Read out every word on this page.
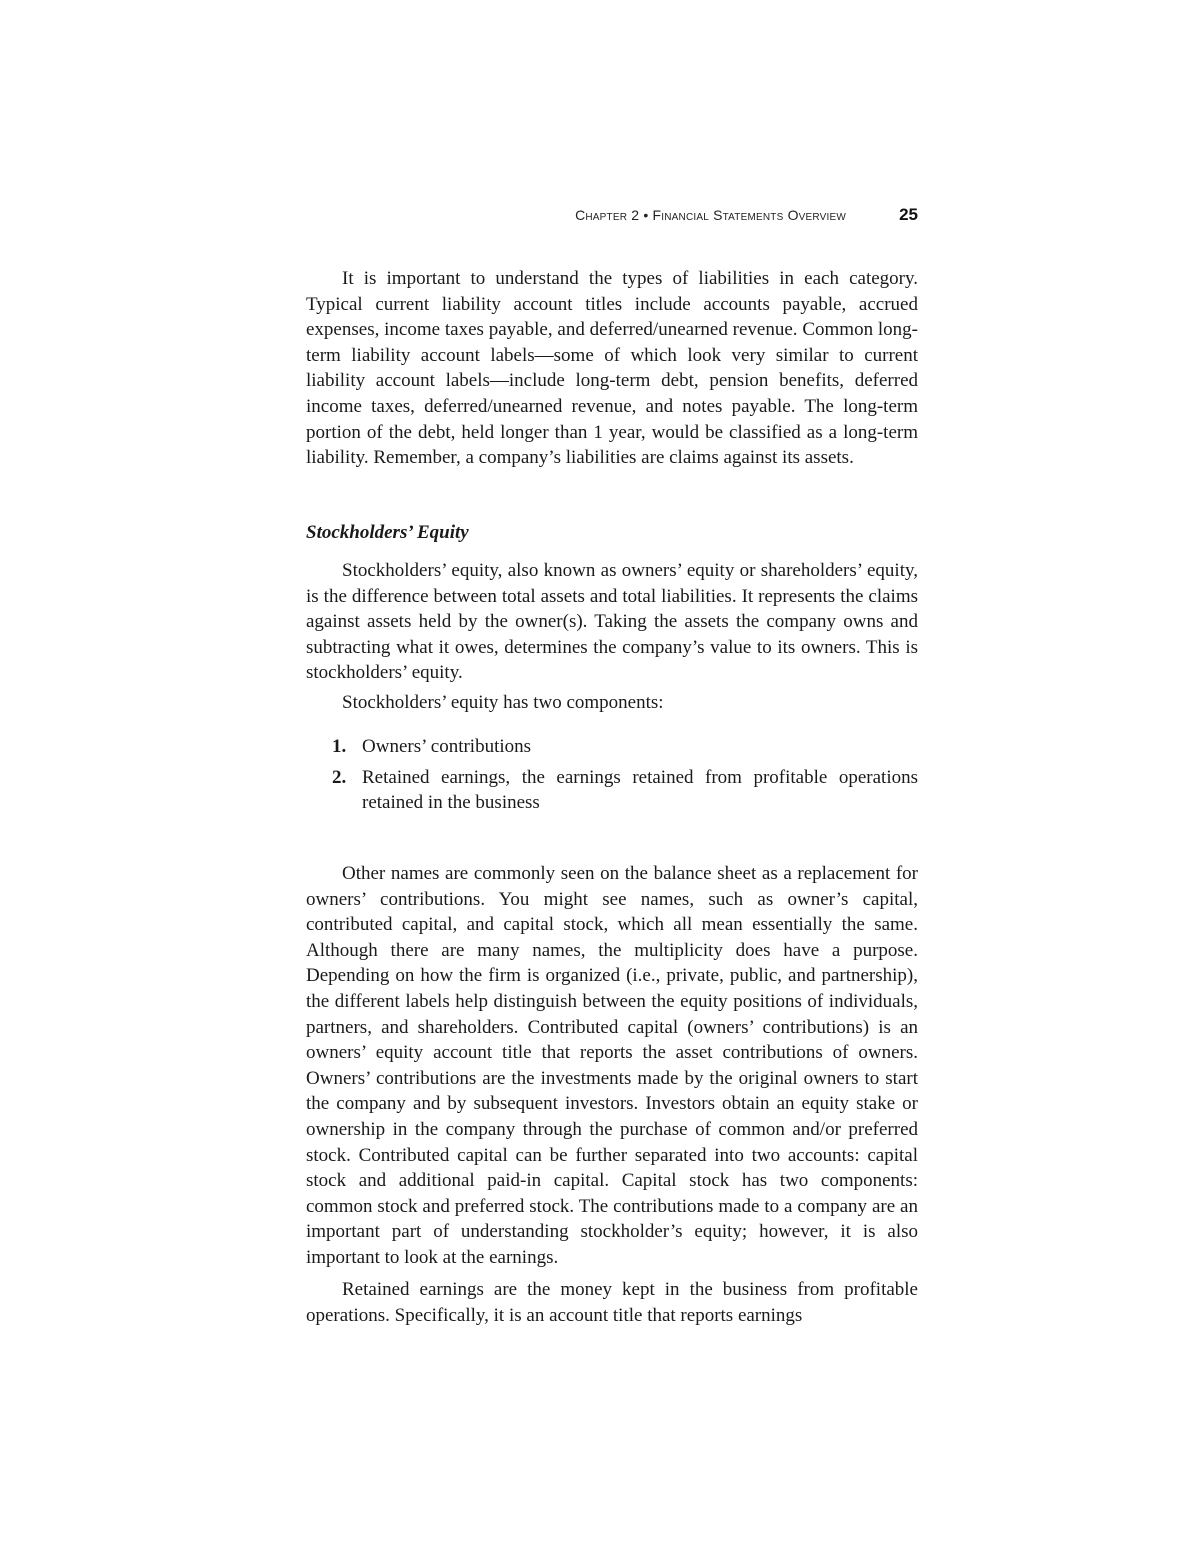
Chapter 2 • Financial Statements Overview	25

It is important to understand the types of liabilities in each category. Typical current liability account titles include accounts payable, accrued expenses, income taxes payable, and deferred/unearned revenue. Common long-term liability account labels—some of which look very similar to current liability account labels—include long-term debt, pension benefits, deferred income taxes, deferred/unearned revenue, and notes payable. The long-term portion of the debt, held longer than 1 year, would be classified as a long-term liability. Remember, a company’s liabilities are claims against its assets.

Stockholders’ Equity

Stockholders’ equity, also known as owners’ equity or shareholders’ equity, is the difference between total assets and total liabilities. It represents the claims against assets held by the owner(s). Taking the assets the company owns and subtracting what it owes, determines the company’s value to its owners. This is stockholders’ equity.

Stockholders’ equity has two components:

1. Owners’ contributions
2. Retained earnings, the earnings retained from profitable operations retained in the business

Other names are commonly seen on the balance sheet as a replacement for owners’ contributions. You might see names, such as owner’s capital, contributed capital, and capital stock, which all mean essentially the same. Although there are many names, the multiplicity does have a purpose. Depending on how the firm is organized (i.e., private, public, and partnership), the different labels help distinguish between the equity positions of individuals, partners, and shareholders. Contributed capital (owners’ contributions) is an owners’ equity account title that reports the asset contributions of owners. Owners’ contributions are the investments made by the original owners to start the company and by subsequent investors. Investors obtain an equity stake or ownership in the company through the purchase of common and/or preferred stock. Contributed capital can be further separated into two accounts: capital stock and additional paid-in capital. Capital stock has two components: common stock and preferred stock. The contributions made to a company are an important part of understanding stockholder’s equity; however, it is also important to look at the earnings.

Retained earnings are the money kept in the business from profitable operations. Specifically, it is an account title that reports earnings
